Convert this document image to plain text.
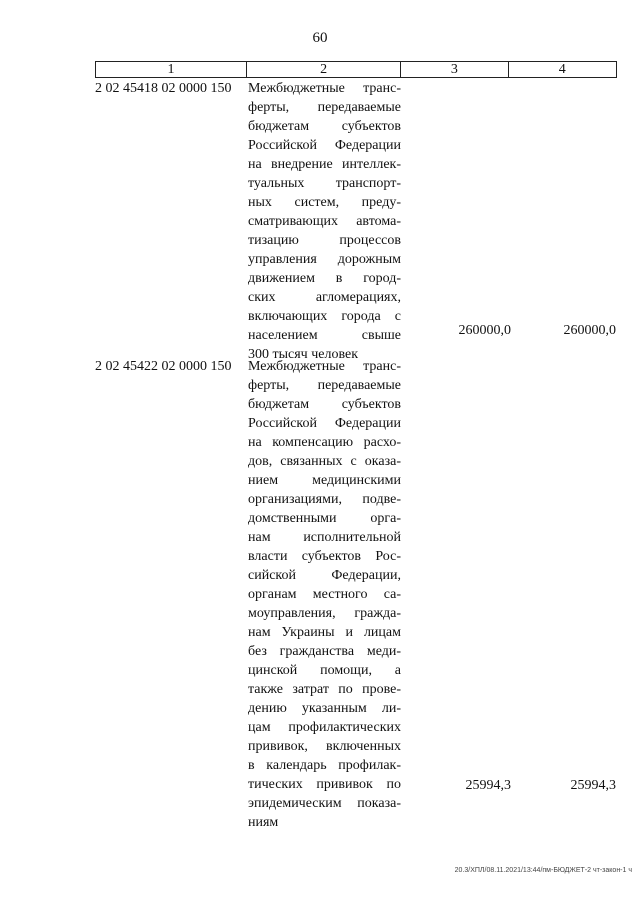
60
1	2	3	4
2 02 45418 02 0000 150 Межбюджетные транс-
ферты, передаваемые
бюджетам субъектов
Российской Федерации
на внедрение интеллек-
туальных транспорт-
ных систем, преду-
сматривающих автома-
тизацию процессов
управления дорожным
движением в город-
ских агломерациях,
включающих города с
населением свыше
300 тысяч человек
260000,0	260000,0
2 02 45422 02 0000 150 Межбюджетные транс-
ферты, передаваемые
бюджетам субъектов
Российской Федерации
на компенсацию расхо-
дов, связанных с оказа-
нием медицинскими
организациями, подве-
домственными орга-
нам исполнительной
власти субъектов Рос-
сийской Федерации,
органам местного са-
моуправления, гражда-
нам Украины и лицам
без гражданства меди-
цинской помощи, а
также затрат по прове-
дению указанным ли-
цам профилактических
прививок, включенных
в календарь профилак-
тических прививок по
эпидемическим показа-
ниям
25994,3	25994,3
20.3/ХПЛ/08.11.2021/13:44/пм-БЮДЖЕТ-2 чт-закон-1 ч
